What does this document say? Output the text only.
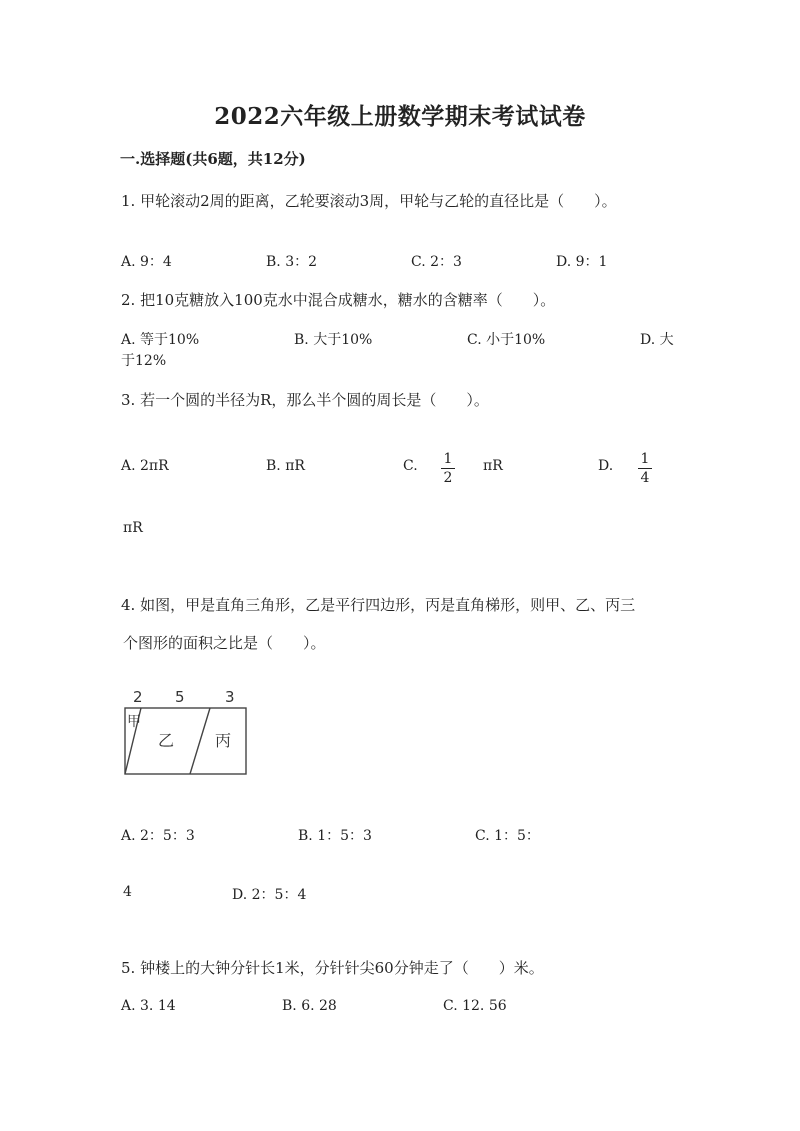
2022六年级上册数学期末考试试卷
一.选择题(共6题，共12分)
1. 甲轮滚动2周的距离，乙轮要滚动3周，甲轮与乙轮的直径比是（　　）。
A. 9：4	B. 3：2	C. 2：3	D. 9：1
2. 把10克糖放入100克水中混合成糖水，糖水的含糖率（　　）。
A. 等于10%	B. 大于10%	C. 小于10%	D. 大
于12%
3. 若一个圆的半径为R，那么半个圆的周长是（　　）。
A. 2πR	B. πR	C. 1
2
πR	D. 1
4
πR
4. 如图，甲是直角三角形，乙是平行四边形，丙是直角梯形，则甲、乙、丙三
个图形的面积之比是（　　）。
2 5	3
甲
乙	丙
A. 2：5：3	B. 1：5：3	C. 1：5：
4	D. 2：5：4
5. 钟楼上的大钟分针长1米，分针针尖60分钟走了（　　）米。
A. 3. 14	B. 6. 28	C. 12. 56
